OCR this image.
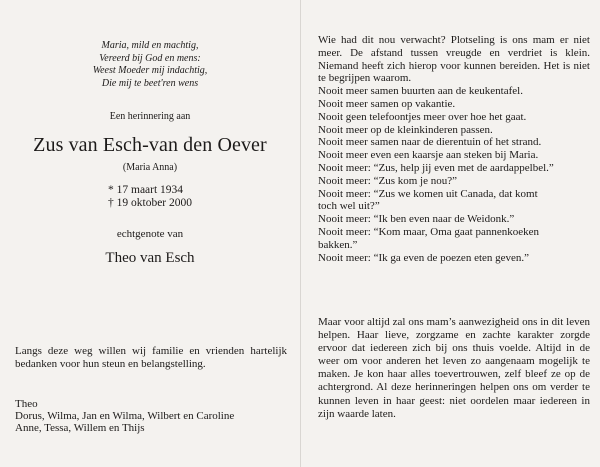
Maria, mild en machtig,
Vereerd bij God en mens:
Weest Moeder mij indachtig,
Die mij te beet'ren wens
Een herinnering aan
Zus van Esch-van den Oever
(Maria Anna)
* 17 maart 1934
† 19 oktober 2000
echtgenote van
Theo van Esch
Langs deze weg willen wij familie en vrienden hartelijk bedanken voor hun steun en belangstelling.
Theo
Dorus, Wilma, Jan en Wilma, Wilbert en Caroline
Anne, Tessa, Willem en Thijs
Wie had dit nou verwacht? Plotseling is ons mam er niet meer. De afstand tussen vreugde en verdriet is klein. Niemand heeft zich hierop voor kunnen bereiden. Het is niet te begrijpen waarom.
Nooit meer samen buurten aan de keukentafel.
Nooit meer samen op vakantie.
Nooit geen telefoontjes meer over hoe het gaat.
Nooit meer op de kleinkinderen passen.
Nooit meer samen naar de dierentuin of het strand.
Nooit meer even een kaarsje aan steken bij Maria.
Nooit meer: “Zus, help jij even met de aardappelbel.”
Nooit meer: “Zus kom je nou?”
Nooit meer: “Zus we komen uit Canada, dat komt
toch wel uit?”
Nooit meer: “Ik ben even naar de Weidonk.”
Nooit meer: “Kom maar, Oma gaat pannenkoeken
bakken.”
Nooit meer: “Ik ga even de poezen eten geven.”
Maar voor altijd zal ons mam’s aanwezigheid ons in dit leven helpen. Haar lieve, zorgzame en zachte karakter zorgde ervoor dat iedereen zich bij ons thuis voelde. Altijd in de weer om voor anderen het leven zo aangenaam mogelijk te maken. Je kon haar alles toevertrouwen, zelf bleef ze op de achtergrond. Al deze herinneringen helpen ons om verder te kunnen leven in haar geest: niet oordelen maar iedereen in zijn waarde laten.
